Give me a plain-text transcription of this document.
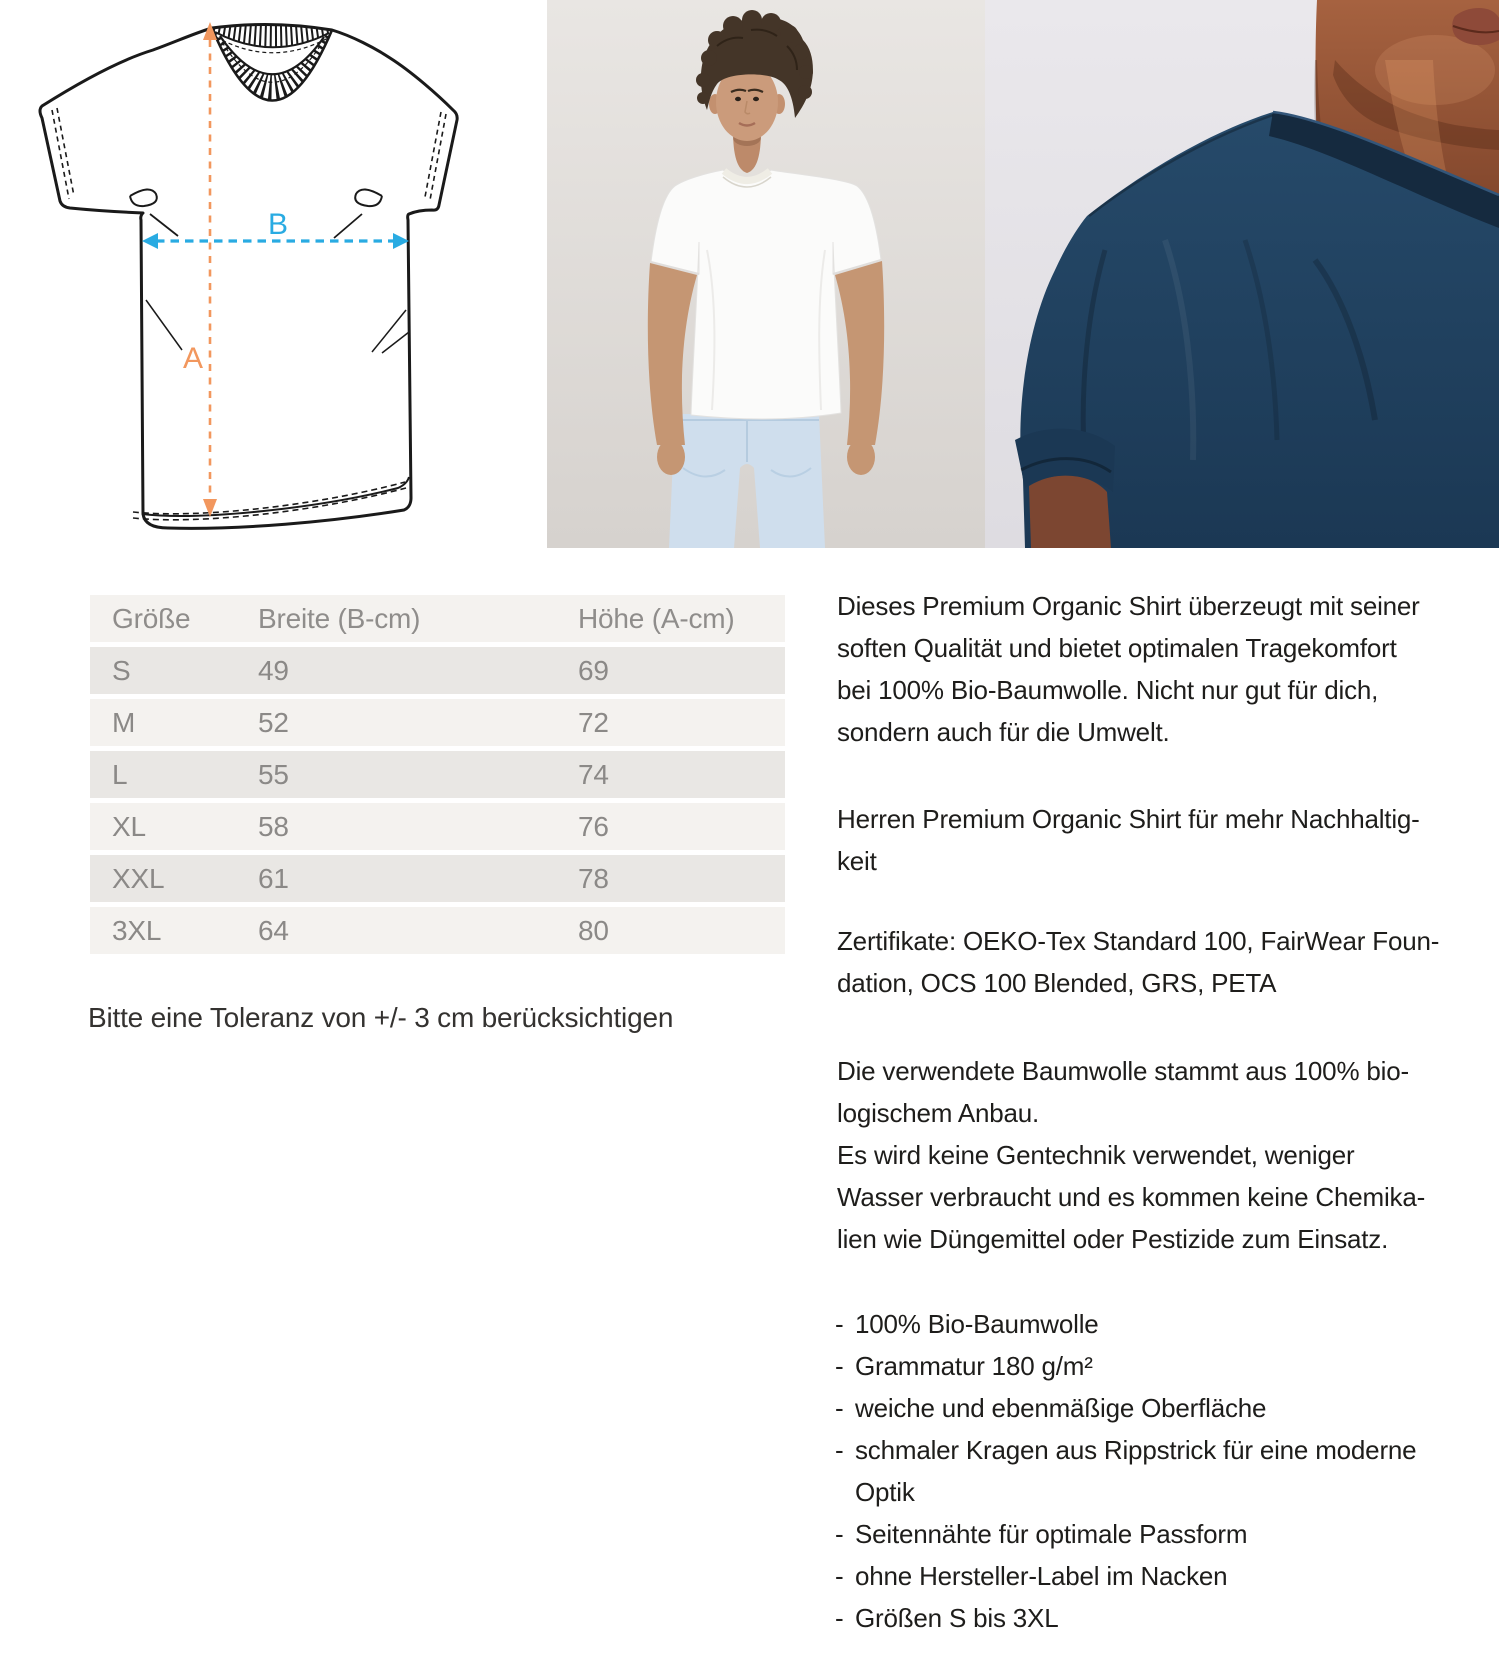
A
B
Größe	Breite (B-cm)	Höhe (A-cm)
S	49	69
M	52	72
L	55	74
XL	58	76
XXL	61	78
3XL	64	80
Bitte eine Toleranz von +/- 3 cm berücksichtigen
Dieses Premium Organic Shirt überzeugt mit seiner
soften Qualität und bietet optimalen Tragekomfort
bei 100% Bio-Baumwolle. Nicht nur gut für dich,
sondern auch für die Umwelt.
Herren Premium Organic Shirt für mehr Nachhaltig-
keit
Zertifikate: OEKO-Tex Standard 100, FairWear Foun-
dation, OCS 100 Blended, GRS, PETA
Die verwendete Baumwolle stammt aus 100% bio-
logischem Anbau.
Es wird keine Gentechnik verwendet, weniger
Wasser verbraucht und es kommen keine Chemika-
lien wie Düngemittel oder Pestizide zum Einsatz.
- 100% Bio-Baumwolle
- Grammatur 180 g/m²
- weiche und ebenmäßige Oberfläche
- schmaler Kragen aus Rippstrick für eine moderne
Optik
- Seitennähte für optimale Passform
- ohne Hersteller-Label im Nacken
- Größen S bis 3XL
